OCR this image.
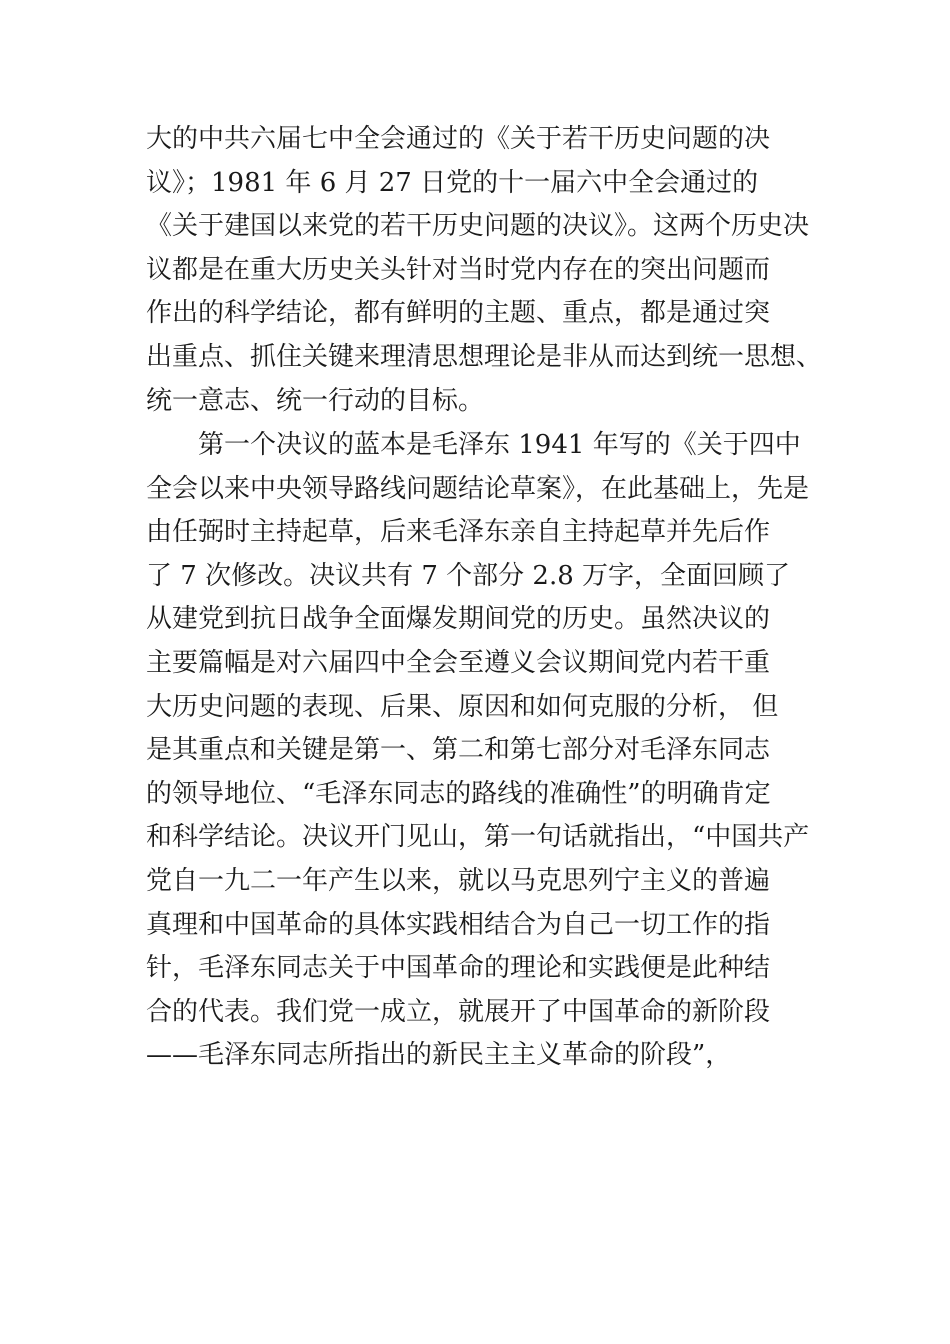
大的中共六届七中全会通过的《关于若干历史问题的决
议》；1981 年 6 月 27 日党的十一届六中全会通过的
《关于建国以来党的若干历史问题的决议》。这两个历史决
议都是在重大历史关头针对当时党内存在的突出问题而
作出的科学结论，都有鲜明的主题、重点，都是通过突
出重点、抓住关键来理清思想理论是非从而达到统一思想、
统一意志、统一行动的目标。
　　第一个决议的蓝本是毛泽东 1941 年写的《关于四中
全会以来中央领导路线问题结论草案》，在此基础上，先是
由任弼时主持起草，后来毛泽东亲自主持起草并先后作
了 7 次修改。决议共有 7 个部分 2.8 万字，全面回顾了
从建党到抗日战争全面爆发期间党的历史。虽然决议的
主要篇幅是对六届四中全会至遵义会议期间党内若干重
大历史问题的表现、后果、原因和如何克服的分析， 但
是其重点和关键是第一、第二和第七部分对毛泽东同志
的领导地位、“毛泽东同志的路线的准确性”的明确肯定
和科学结论。决议开门见山，第一句话就指出，“中国共产
党自一九二一年产生以来，就以马克思列宁主义的普遍
真理和中国革命的具体实践相结合为自己一切工作的指
针，毛泽东同志关于中国革命的理论和实践便是此种结
合的代表。我们党一成立，就展开了中国革命的新阶段
——毛泽东同志所指出的新民主主义革命的阶段”，
